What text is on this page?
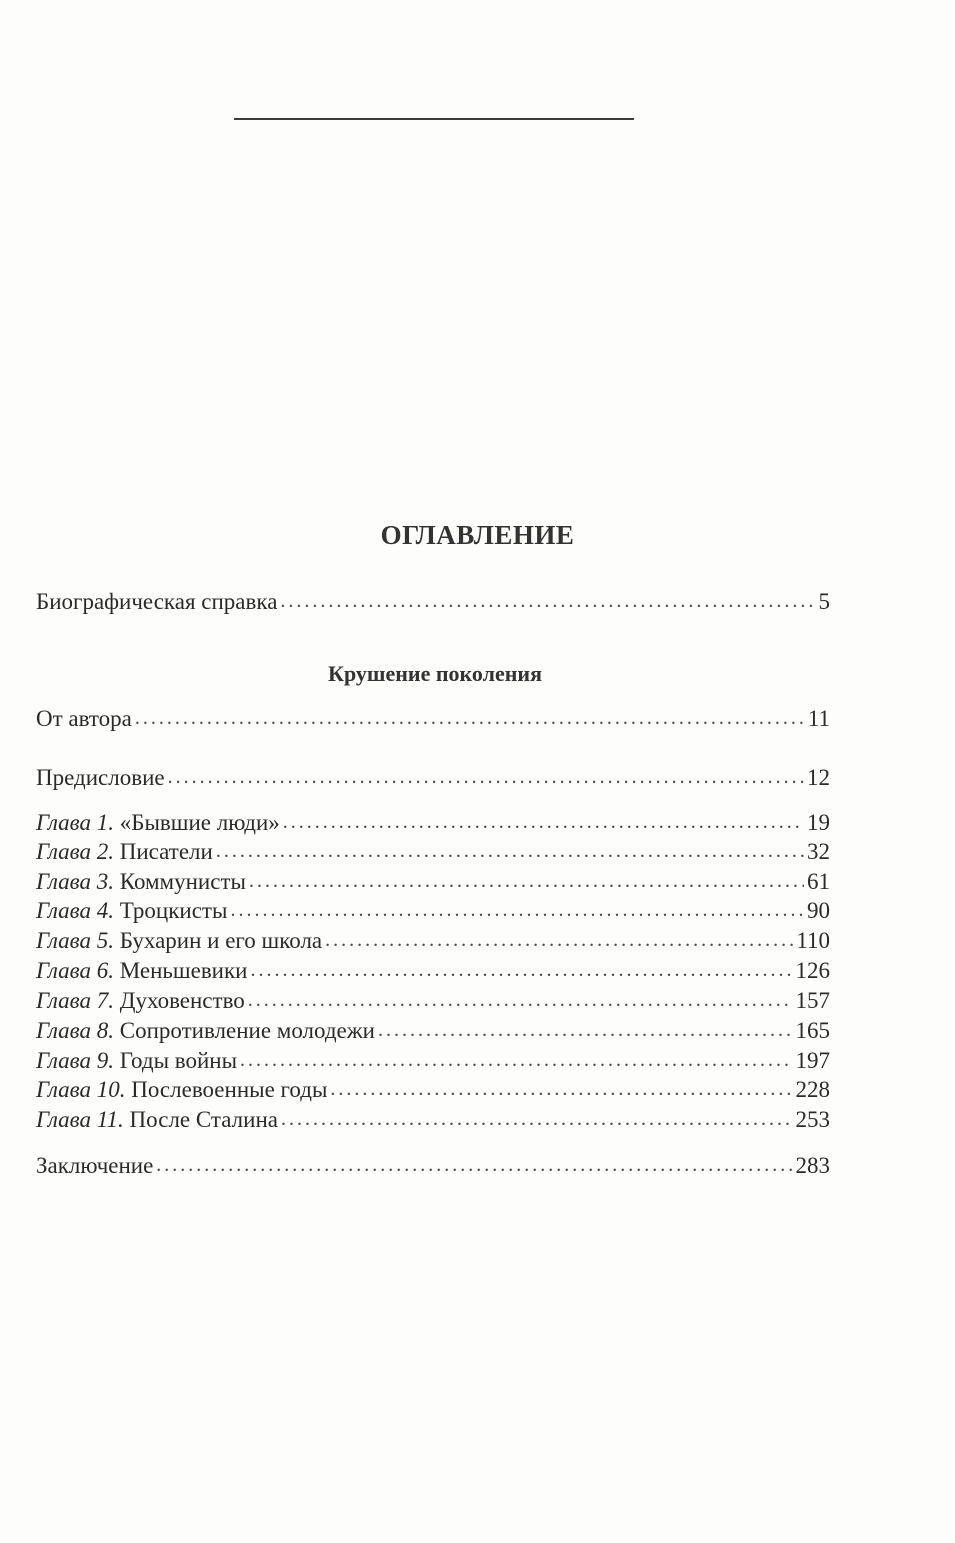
ОГЛАВЛЕНИЕ
Биографическая справка . . .	5
Крушение поколения
От автора . . .	11
Предисловие . . .	12
Глава 1. «Бывшие люди» . . .	19
Глава 2. Писатели . . .	32
Глава 3. Коммунисты . . .	61
Глава 4. Троцкисты . . .	90
Глава 5. Бухарин и его школа . . .	110
Глава 6. Меньшевики . . .	126
Глава 7. Духовенство . . .	157
Глава 8. Сопротивление молодежи . . .	165
Глава 9. Годы войны . . .	197
Глава 10. Послевоенные годы . . .	228
Глава 11. После Сталина . . .	253
Заключение . . .	283
